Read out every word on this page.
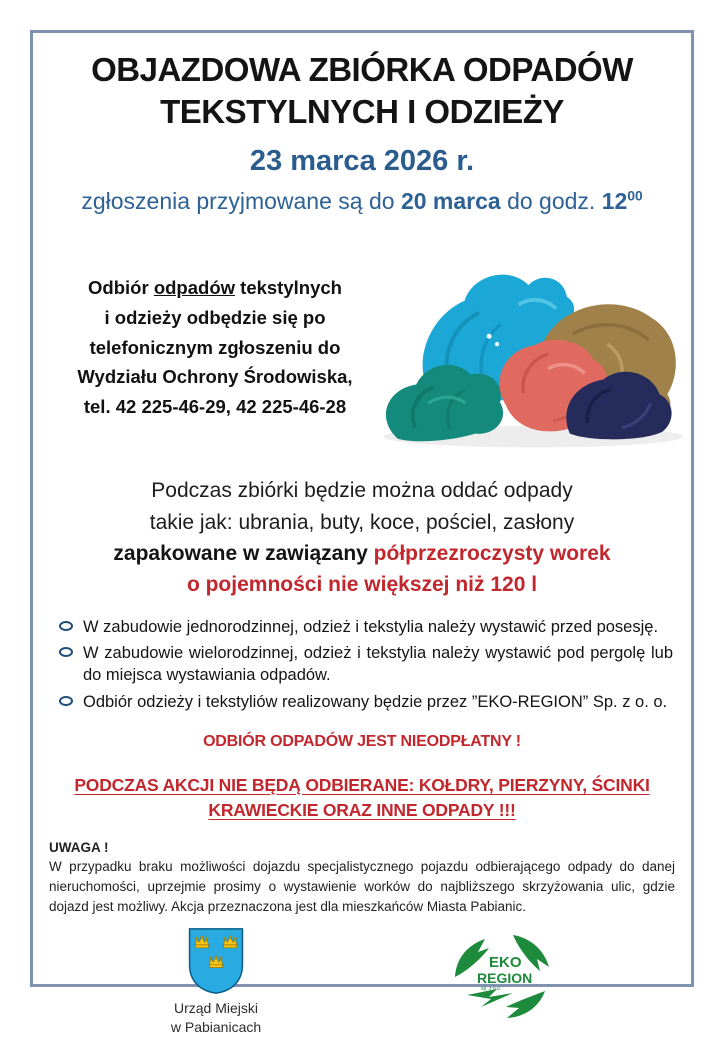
OBJAZDOWA ZBIÓRKA ODPADÓW
TEKSTYLNYCH I ODZIEŻY
23 marca 2026 r.
zgłoszenia przyjmowane są do 20 marca do godz. $12^{00}$
Odbiór odpadów tekstylnych
i odzieży odbędzie się po
telefonicznym zgłoszeniu do
Wydziału Ochrony Środowiska,
tel. 42 225-46-29, 42 225-46-28
Podczas zbiórki będzie można oddać odpady
takie jak: ubrania, buty, koce, pościel, zasłony
zapakowane w zawiązany półprzezroczysty worek
o pojemności nie większej niż 120 l
W zabudowie jednorodzinnej, odzież i tekstylia należy wystawić przed posesję.
W zabudowie wielorodzinnej, odzież i tekstylia należy wystawić pod pergolę lub do miejsca wystawiania odpadów.
Odbiór odzieży i tekstyliów realizowany będzie przez ”EKO-REGION” Sp. z o. o.
ODBIÓR ODPADÓW JEST NIEODPŁATNY !
PODCZAS AKCJI NIE BĘDĄ ODBIERANE: KOŁDRY, PIERZYNY, ŚCINKI
KRAWIECKIE ORAZ INNE ODPADY !!!
UWAGA !
W przypadku braku możliwości dojazdu specjalistycznego pojazdu odbierającego odpady do danej nieruchomości, uprzejmie prosimy o wystawienie worków do najbliższego skrzyżowania ulic, gdzie dojazd jest możliwy. Akcja przeznaczona jest dla mieszkańców Miasta Pabianic.
Urząd Miejski
w Pabianicach
EKO
REGION
sp. z o.o.
